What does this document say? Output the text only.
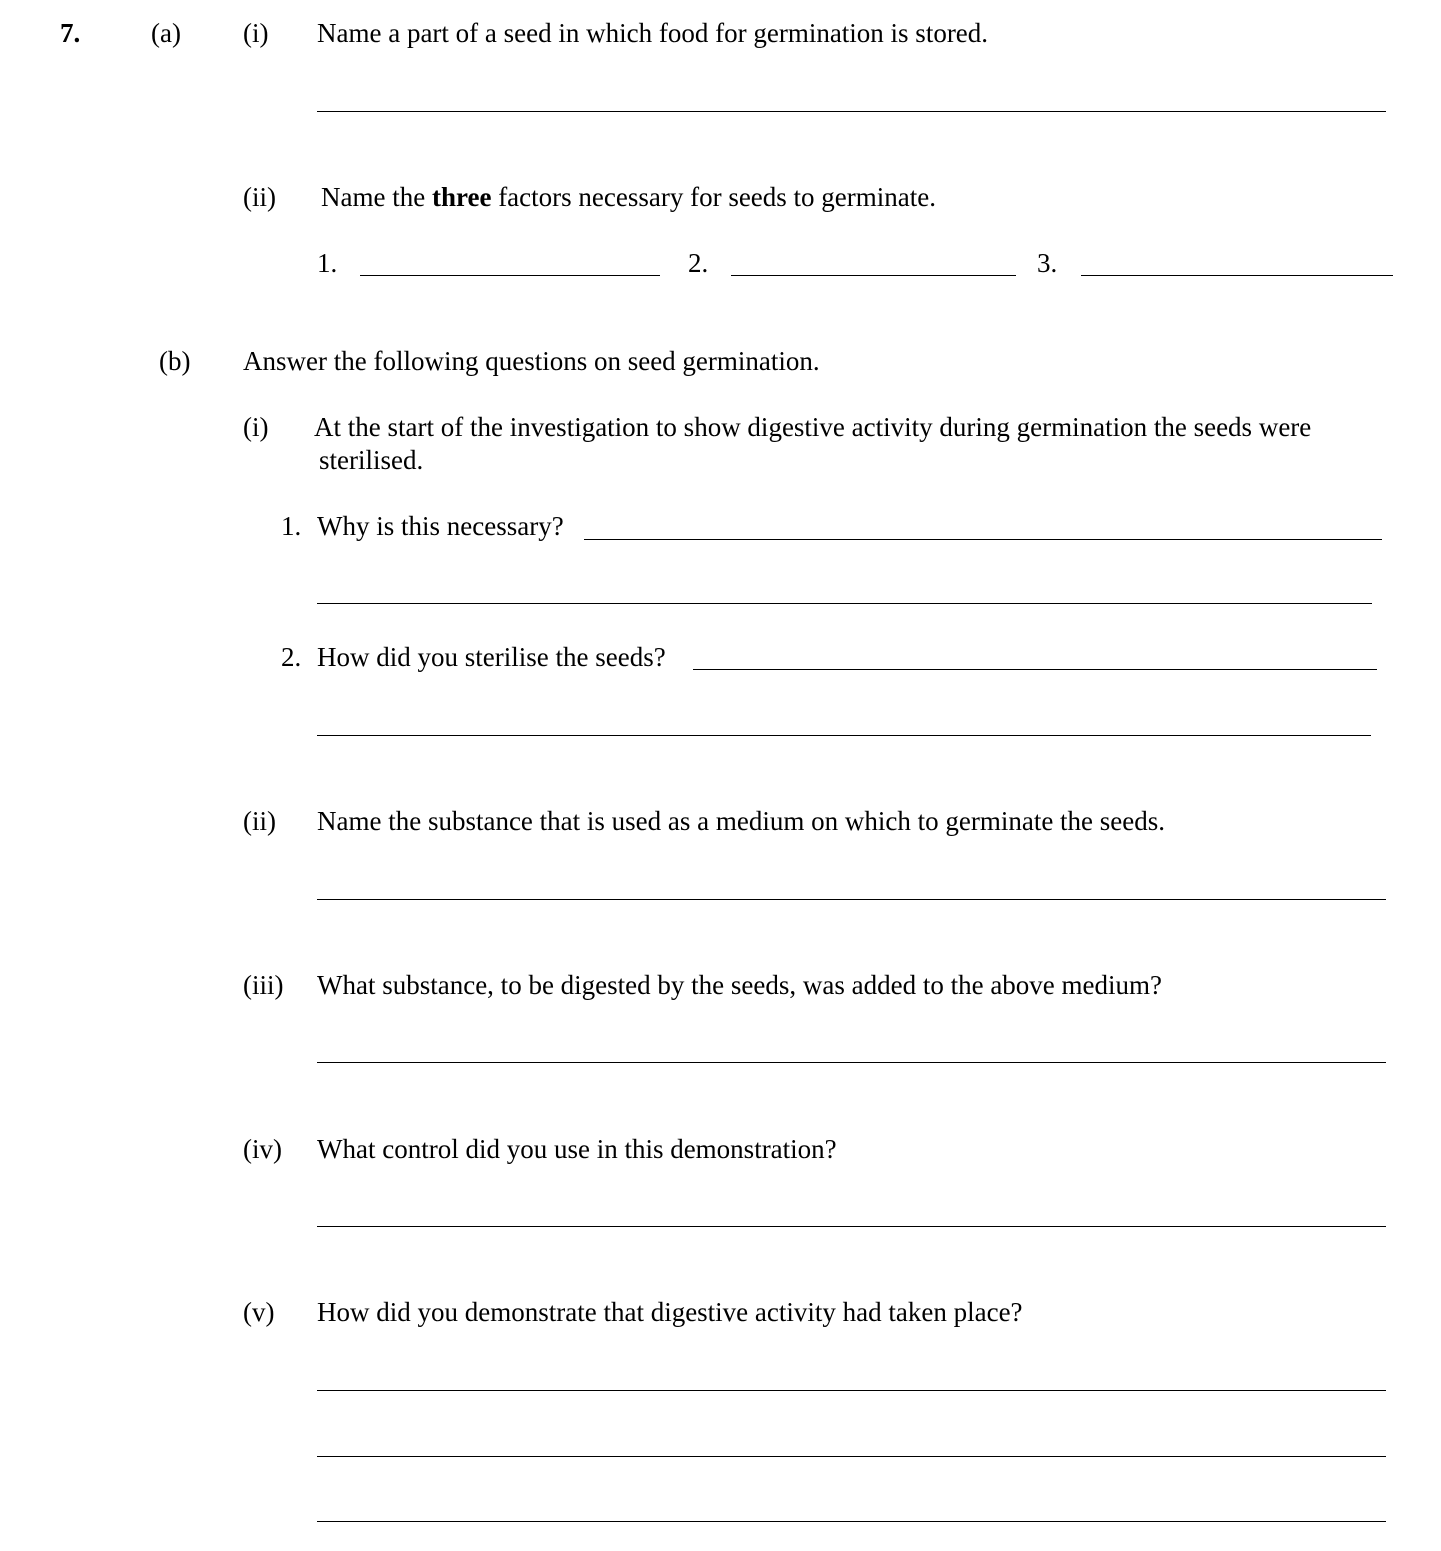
7.	(a) (i) Name a part of a seed in which food for germination is stored.
(ii) Name the three factors necessary for seeds to germinate.
1.	2.	3.
(b) Answer the following questions on seed germination.
(i) At the start of the investigation to show digestive activity during germination the seeds were
sterilised.
1. Why is this necessary?
2. How did you sterilise the seeds?
(ii) Name the substance that is used as a medium on which to germinate the seeds.
(iii) What substance, to be digested by the seeds, was added to the above medium?
(iv) What control did you use in this demonstration?
(v) How did you demonstrate that digestive activity had taken place?
